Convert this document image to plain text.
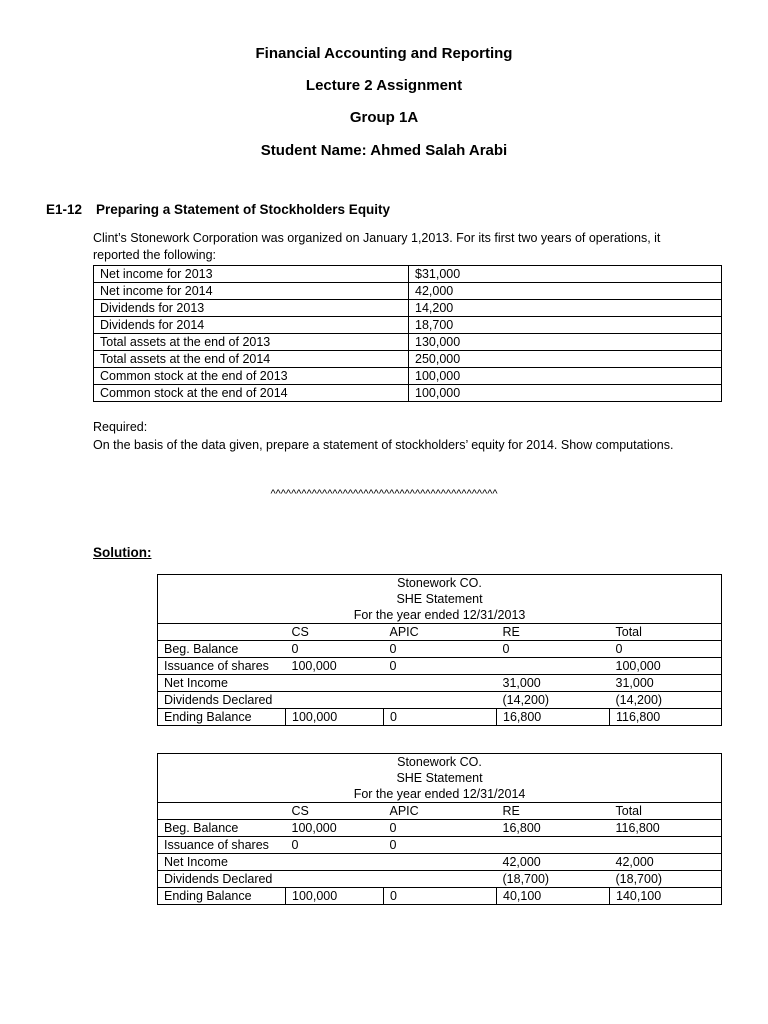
Financial Accounting and Reporting
Lecture 2 Assignment
Group 1A
Student Name: Ahmed Salah Arabi
E1-12 Preparing a Statement of Stockholders Equity
Clint’s Stonework Corporation was organized on January 1,2013. For its first two years of operations, it reported the following:
Net income for 2013	$31,000
Net income for 2014	42,000
Dividends for 2013	14,200
Dividends for 2014	18,700
Total assets at the end of 2013	130,000
Total assets at the end of 2014	250,000
Common stock at the end of 2013	100,000
Common stock at the end of 2014	100,000
Required:
On the basis of the data given, prepare a statement of stockholders’ equity for 2014. Show computations.
^^^^^^^^^^^^^^^^^^^^^^^^^^^^^^^^^^^^^^^^^^^^
Solution:
Stonework CO.				
SHE Statement				
For the year ended 12/31/2013				
	CS	APIC	RE	Total
Beg. Balance	0	0	0	0
Issuance of shares	100,000	0		100,000
Net Income			31,000	31,000
Dividends Declared			(14,200)	(14,200)
Ending Balance	100,000	0	16,800	116,800
Stonework CO.				
SHE Statement				
For the year ended 12/31/2014				
	CS	APIC	RE	Total
Beg. Balance	100,000	0	16,800	116,800
Issuance of shares	0	0		
Net Income			42,000	42,000
Dividends Declared			(18,700)	(18,700)
Ending Balance	100,000	0	40,100	140,100
